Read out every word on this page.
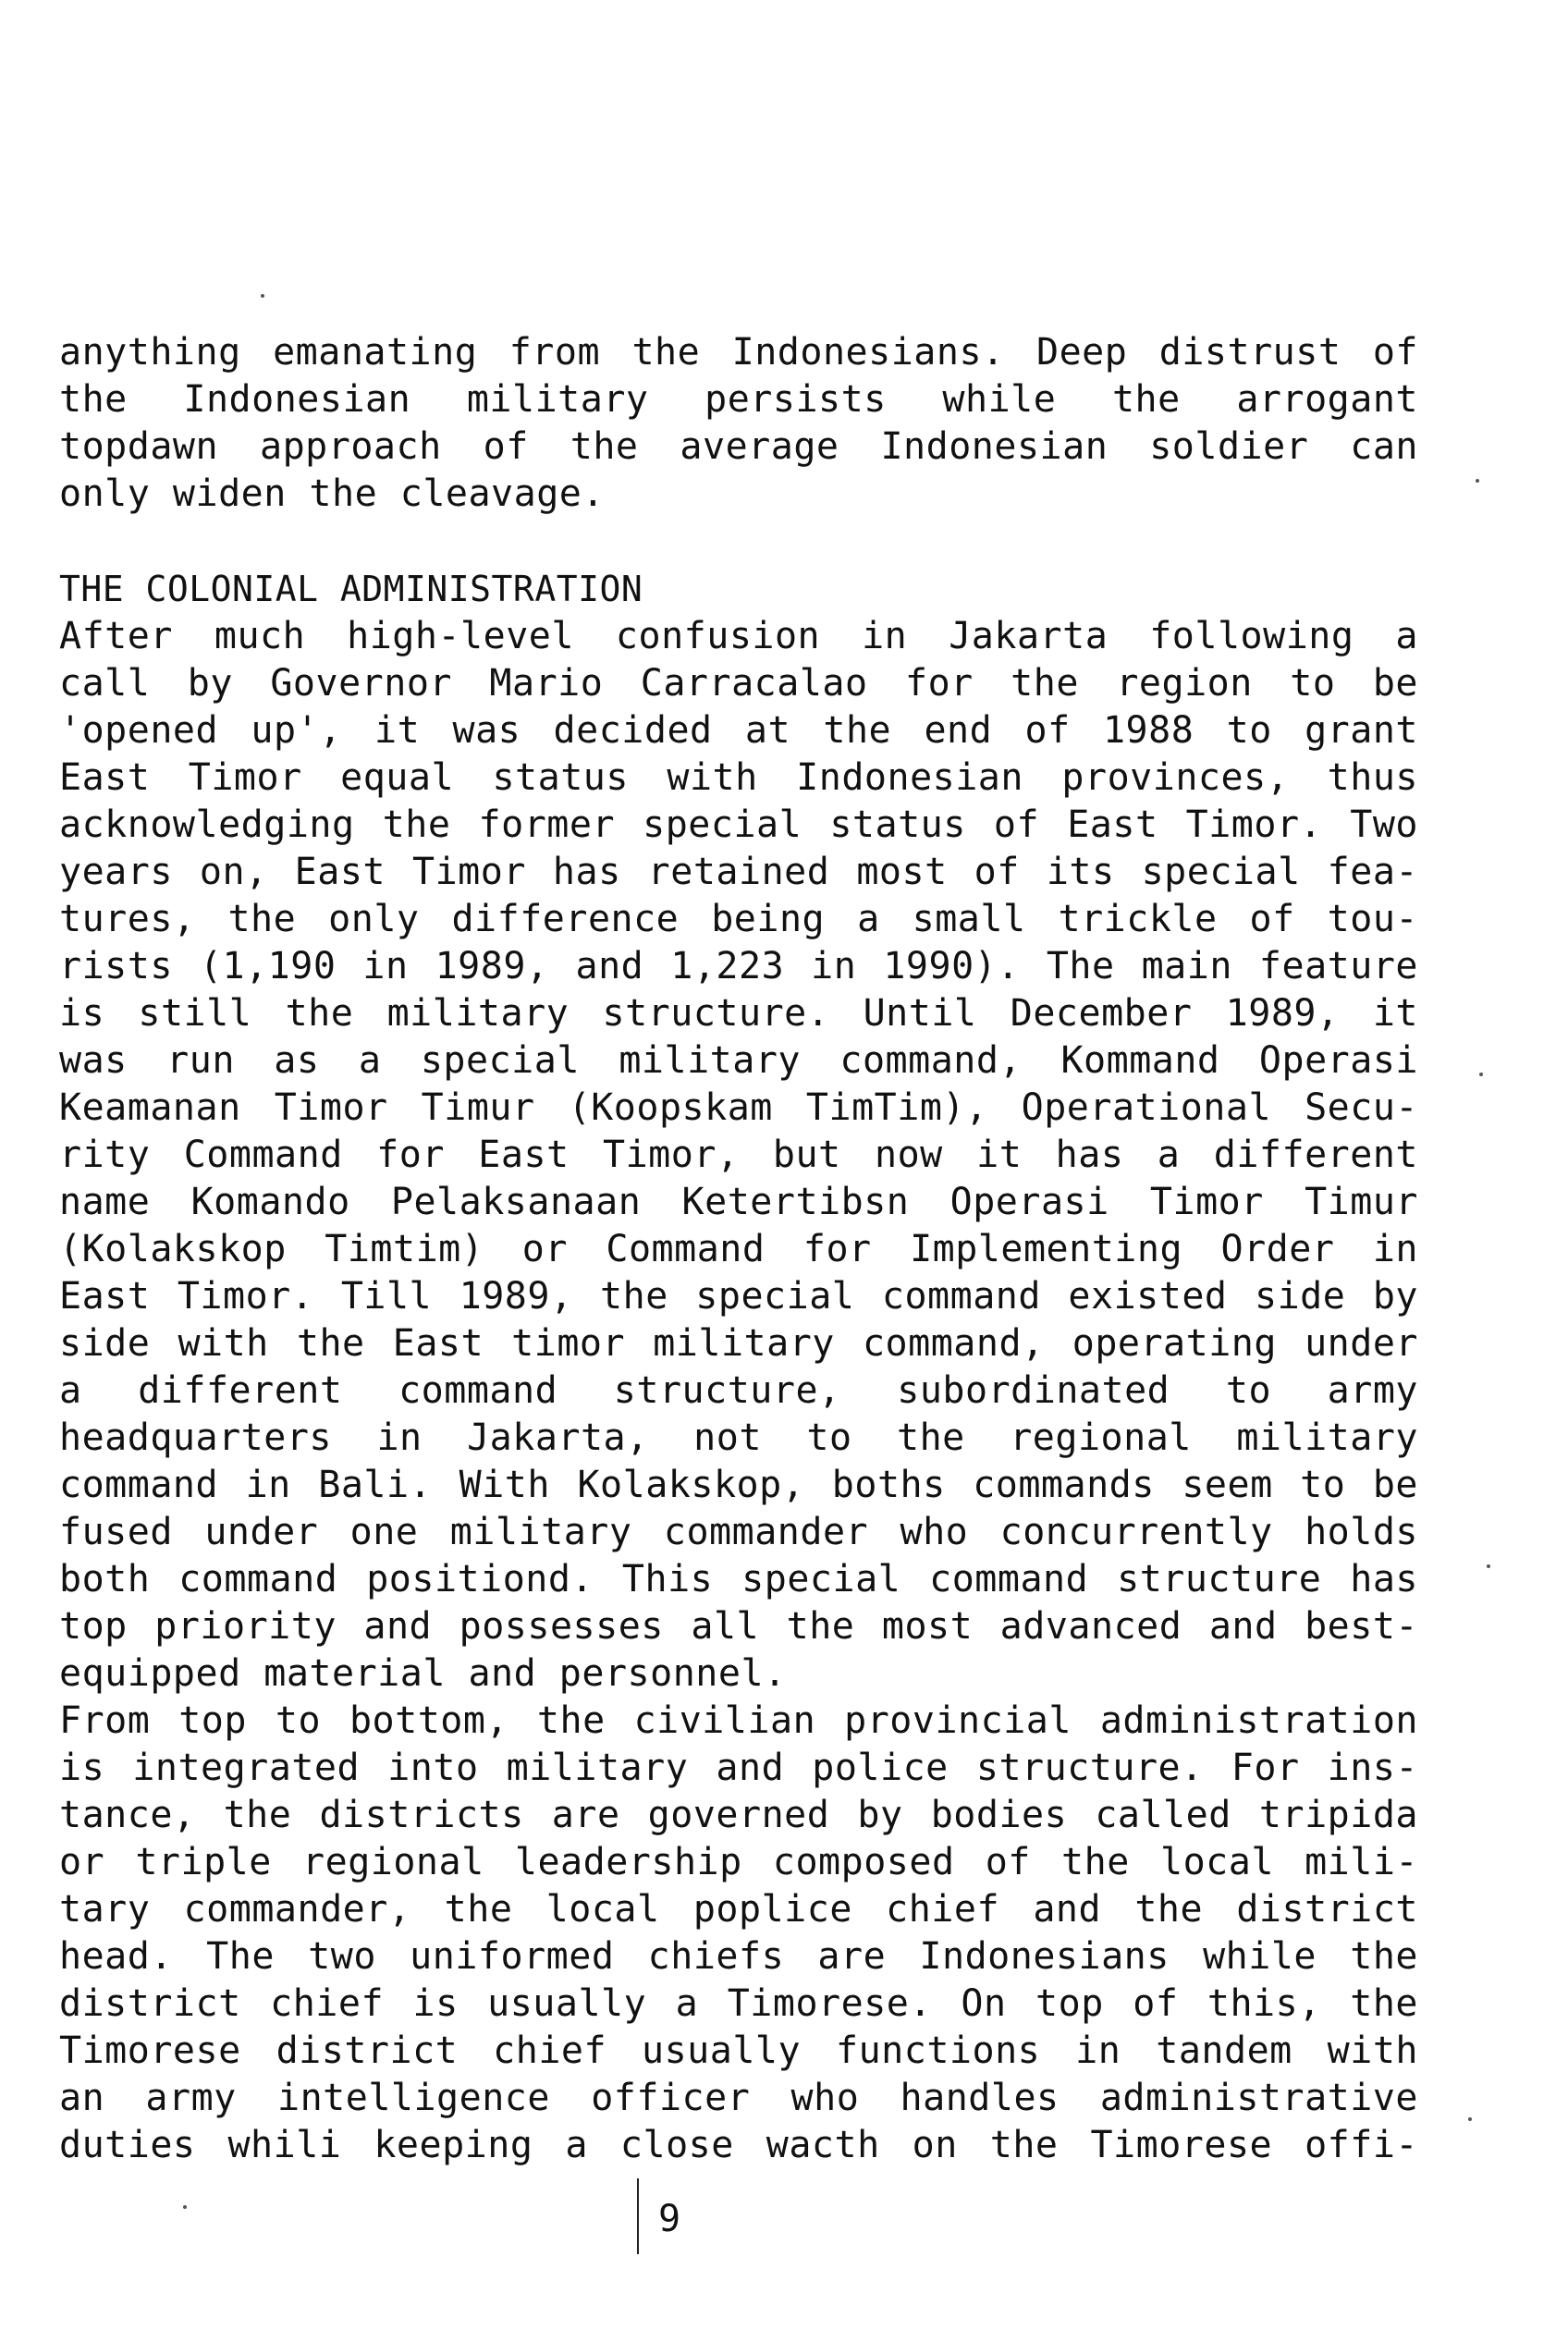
anything emanating from the Indonesians. Deep distrust of
the Indonesian military persists while the arrogant
topdawn approach of the average Indonesian soldier can
only widen the cleavage.
THE COLONIAL ADMINISTRATION
After much high-level confusion in Jakarta following a
call by Governor Mario Carracalao for the region to be
'opened up', it was decided at the end of 1988 to grant
East Timor equal status with Indonesian provinces, thus
acknowledging the former special status of East Timor. Two
years on, East Timor has retained most of its special fea-
tures, the only difference being a small trickle of tou-
rists (1,190 in 1989, and 1,223 in 1990). The main feature
is still the military structure. Until December 1989, it
was run as a special military command, Kommand Operasi
Keamanan Timor Timur (Koopskam TimTim), Operational Secu-
rity Command for East Timor, but now it has a different
name Komando Pelaksanaan Ketertibsn Operasi Timor Timur
(Kolakskop Timtim) or Command for Implementing Order in
East Timor. Till 1989, the special command existed side by
side with the East timor military command, operating under
a different command structure, subordinated to army
headquarters in Jakarta, not to the regional military
command in Bali. With Kolakskop, boths commands seem to be
fused under one military commander who concurrently holds
both command positiond. This special command structure has
top priority and possesses all the most advanced and best-
equipped material and personnel.
From top to bottom, the civilian provincial administration
is integrated into military and police structure. For ins-
tance, the districts are governed by bodies called tripida
or triple regional leadership composed of the local mili-
tary commander, the local poplice chief and the district
head. The two uniformed chiefs are Indonesians while the
district chief is usually a Timorese. On top of this, the
Timorese district chief usually functions in tandem with
an army intelligence officer who handles administrative
duties whili keeping a close wacth on the Timorese offi-
9
